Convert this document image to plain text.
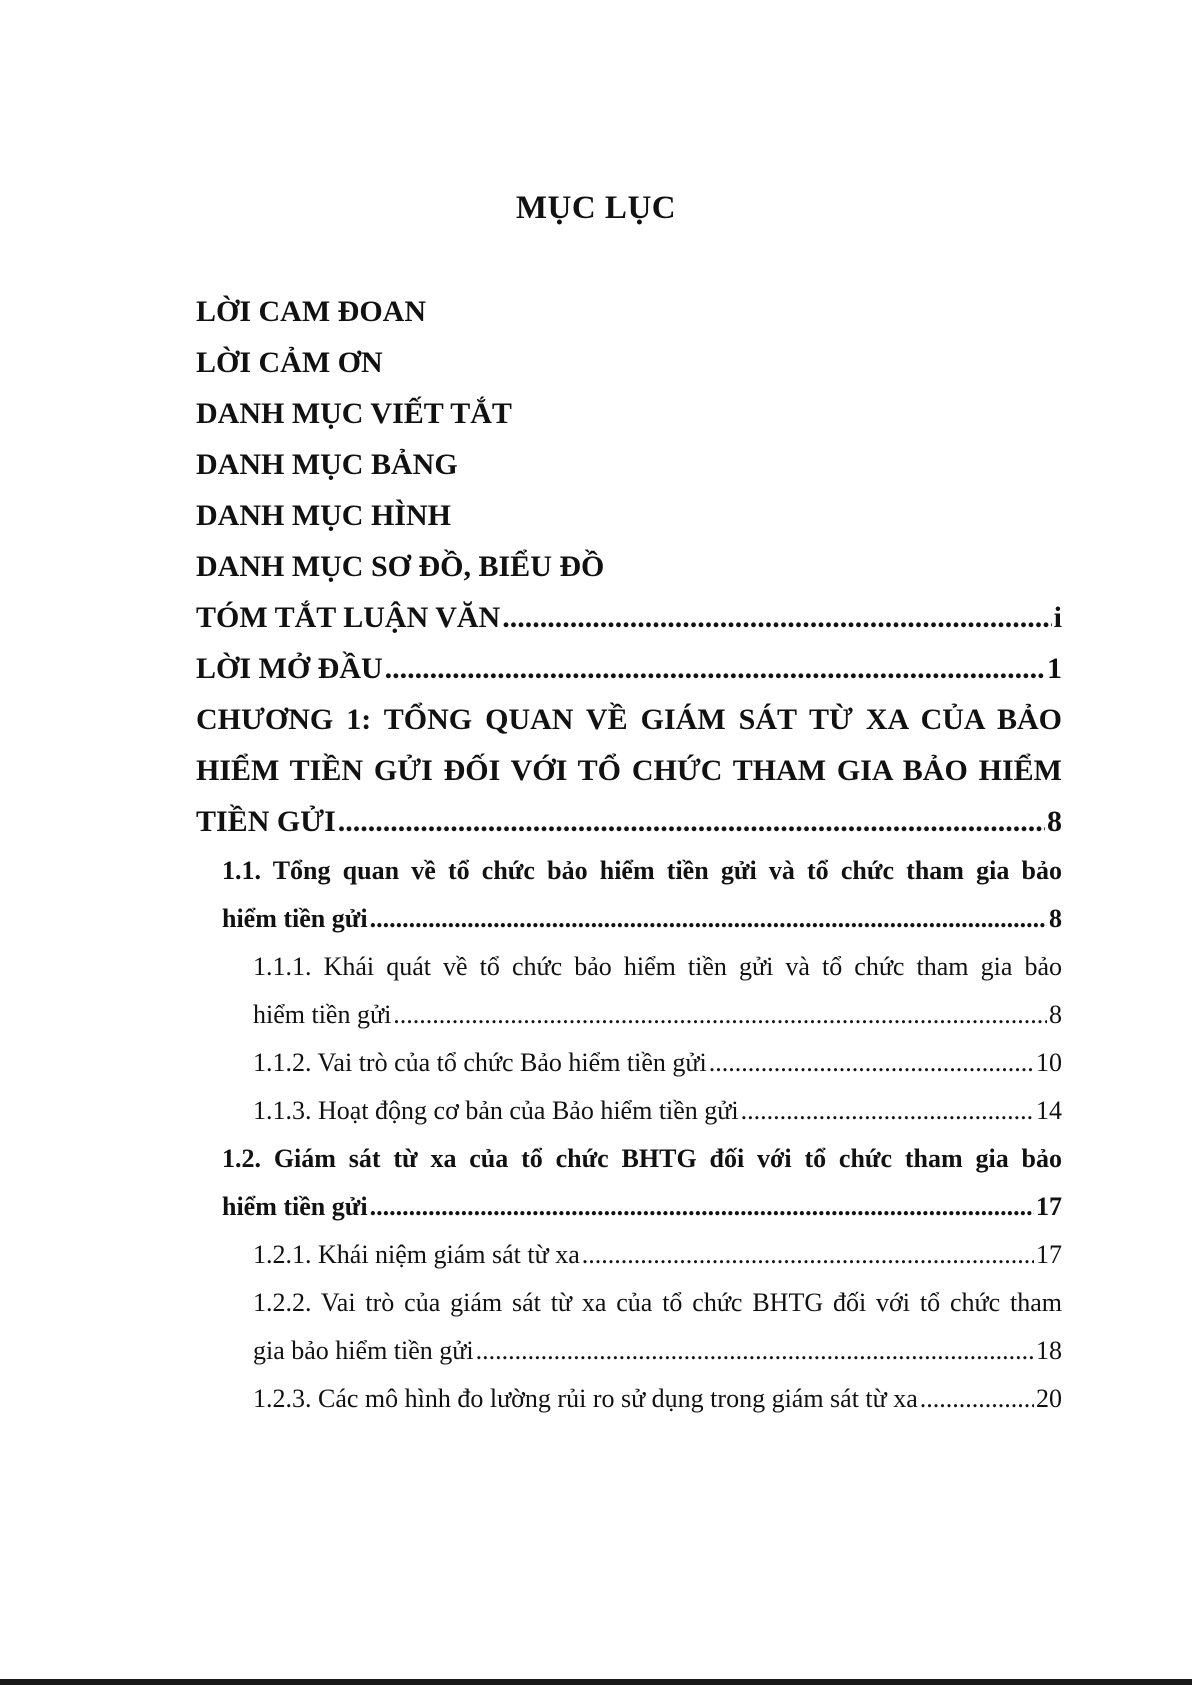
MỤC LỤC
LỜI CAM ĐOAN
LỜI CẢM ƠN
DANH MỤC VIẾT TẮT
DANH MỤC BẢNG
DANH MỤC HÌNH
DANH MỤC SƠ ĐỒ, BIỂU ĐỒ
TÓM TẮT LUẬN VĂN .....	i
LỜI MỞ ĐẦU .....	1
CHƯƠNG 1: TỔNG QUAN VỀ GIÁM SÁT TỪ XA CỦA BẢO
HIỂM TIỀN GỬI ĐỐI VỚI TỔ CHỨC THAM GIA BẢO HIỂM
TIỀN GỬI .....	8
1.1. Tổng quan về tổ chức bảo hiểm tiền gửi và tổ chức tham gia bảo
hiểm tiền gửi .....	8
1.1.1. Khái quát về tổ chức bảo hiểm tiền gửi và tổ chức tham gia bảo
hiểm tiền gửi .....	8
1.1.2. Vai trò của tổ chức Bảo hiểm tiền gửi .....	10
1.1.3. Hoạt động cơ bản của Bảo hiểm tiền gửi .....	14
1.2. Giám sát từ xa của tổ chức BHTG đối với tổ chức tham gia bảo
hiểm tiền gửi .....	17
1.2.1. Khái niệm giám sát từ xa .....	17
1.2.2. Vai trò của giám sát từ xa của tổ chức BHTG đối với tổ chức tham
gia bảo hiểm tiền gửi .....	18
1.2.3. Các mô hình đo lường rủi ro sử dụng trong giám sát từ xa .....	20
